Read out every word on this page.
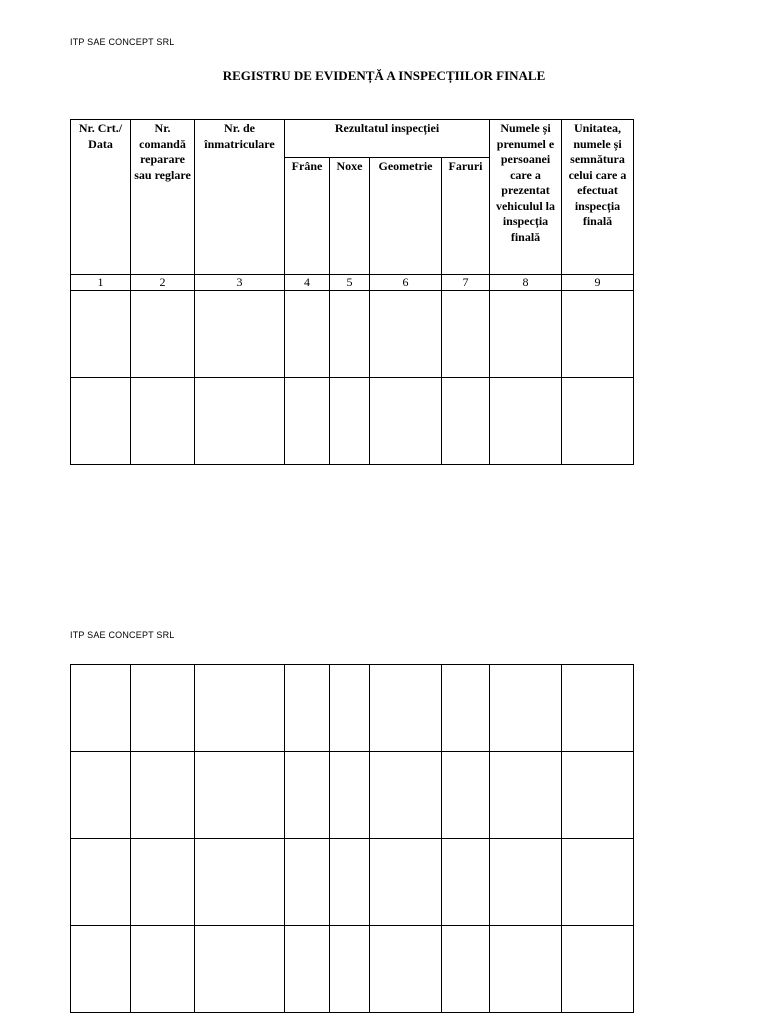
ITP SAE CONCEPT SRL
REGISTRU DE EVIDENȚĂ A INSPECȚIILOR FINALE
Nr. Crt./ Data	Nr. comandă reparare sau reglare	Nr. de înmatriculare	Rezultatul inspecției				Numele și prenumel e persoanei care a prezentat vehiculul la inspecția finală	Unitatea, numele și semnătura celui care a efectuat inspecția finală
			Frâne	Noxe	Geometrie	Faruri		
1	2	3	4	5	6	7	8	9

ITP SAE CONCEPT SRL
